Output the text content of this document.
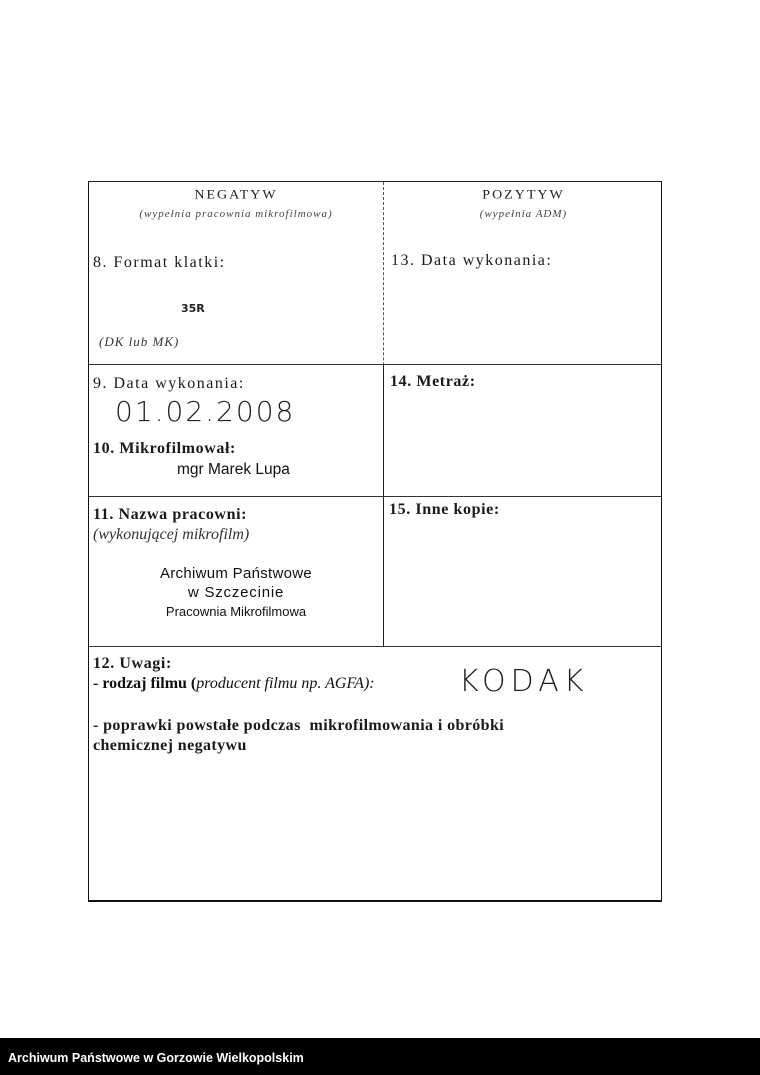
NEGATYW
(wypełnia pracownia mikrofilmowa)
POZYTYW
(wypełnia ADM)
8. Format klatki:
35R
(DK lub MK)
13. Data wykonania:
9. Data wykonania:
01.02.2008
10. Mikrofilmował:
mgr Marek Lupa
14. Metraż:
11. Nazwa pracowni:
(wykonującej mikrofilm)
Archiwum Państwowe
w Szczecinie
Pracownia Mikrofilmowa
15. Inne kopie:
12. Uwagi:
- rodzaj filmu (producent filmu np. AGFA):	KODAK
- poprawki powstałe podczas  mikrofilmowania i obróbki
chemicznej negatywu
Archiwum Państwowe w Gorzowie Wielkopolskim
